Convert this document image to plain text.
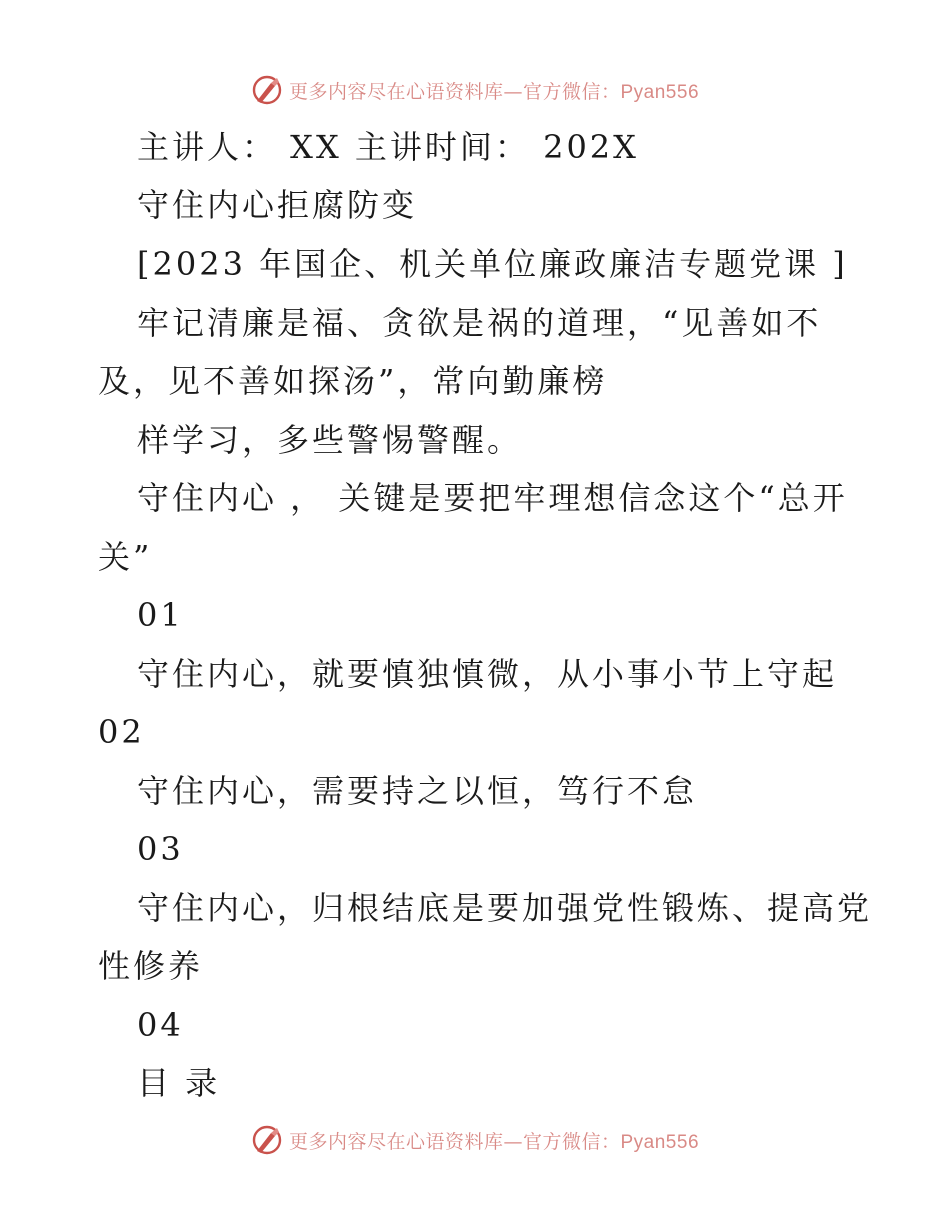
更多内容尽在心语资料库—官方微信：Pyan556
主讲人： XX 主讲时间： 202X
守住内心拒腐防变
[2023 年国企、机关单位廉政廉洁专题党课 ]
牢记清廉是福、贪欲是祸的道理，“见善如不
及，见不善如探汤”，常向勤廉榜
样学习，多些警惕警醒。
守住内心 ， 关键是要把牢理想信念这个“总开
关”
01
守住内心，就要慎独慎微，从小事小节上守起
02
守住内心，需要持之以恒，笃行不怠
03
守住内心，归根结底是要加强党性锻炼、提高党
性修养
04
目 录
更多内容尽在心语资料库—官方微信：Pyan556
